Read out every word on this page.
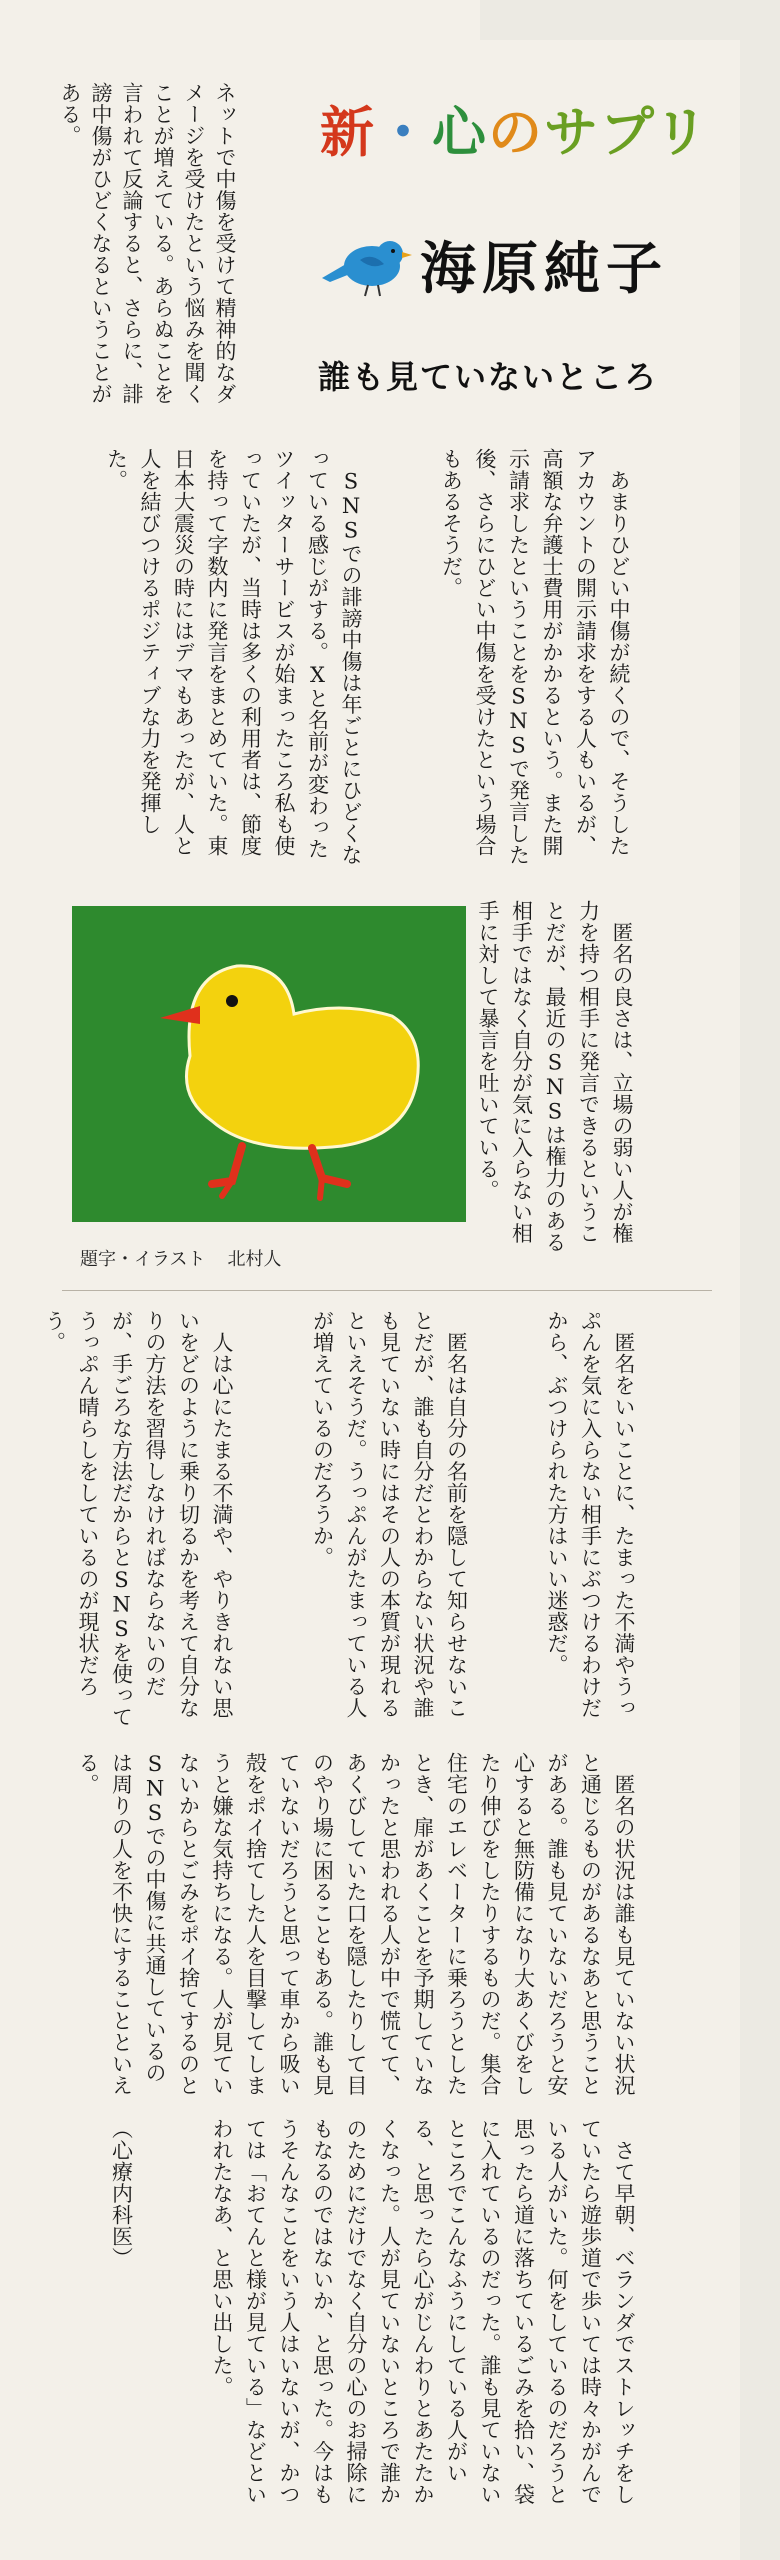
新・心のサプリ
海原純子
誰も見ていないところ

ネットで中傷を受けて精神的なダメージを受けたという悩みを聞くことが増えている。あらぬことを言われて反論すると、さらに、誹謗中傷がひどくなるということがある。

　あまりひどい中傷が続くので、そうしたアカウントの開示請求をする人もいるが、高額な弁護士費用がかかるという。また開示請求したということをSNSで発言した後、さらにひどい中傷を受けたという場合もあるそうだ。

　SNSでの誹謗中傷は年ごとにひどくなっている感じがする。Xと名前が変わったツイッターサービスが始まったころ私も使っていたが、当時は多くの利用者は、節度を持って字数内に発言をまとめていた。東日本大震災の時にはデマもあったが、人と人を結びつけるポジティブな力を発揮した。

　匿名の良さは、立場の弱い人が権力を持つ相手に発言できるということだが、最近のSNSは権力のある相手ではなく自分が気に入らない相手に対して暴言を吐いている。

題字・イラスト 北村人

　匿名をいいことに、たまった不満やうっぷんを気に入らない相手にぶつけるわけだから、ぶつけられた方はいい迷惑だ。

　匿名は自分の名前を隠して知らせないことだが、誰も自分だとわからない状況や誰も見ていない時にはその人の本質が現れるといえそうだ。うっぷんがたまっている人が増えているのだろうか。

　人は心にたまる不満や、やりきれない思いをどのように乗り切るかを考えて自分なりの方法を習得しなければならないのだが、手ごろな方法だからとSNSを使ってうっぷん晴らしをしているのが現状だろう。

　匿名の状況は誰も見ていない状況と通じるものがあるなあと思うことがある。誰も見ていないだろうと安心すると無防備になり大あくびをしたり伸びをしたりするものだ。集合住宅のエレベーターに乗ろうとしたとき、扉があくことを予期していなかったと思われる人が中で慌てて、あくびしていた口を隠したりして目のやり場に困ることもある。誰も見ていないだろうと思って車から吸い殻をポイ捨てした人を目撃してしまうと嫌な気持ちになる。人が見ていないからとごみをポイ捨てするのとSNSでの中傷に共通しているのは周りの人を不快にすることといえる。

　さて早朝、ベランダでストレッチをしていたら遊歩道で歩いては時々かがんでいる人がいた。何をしているのだろうと思ったら道に落ちているごみを拾い、袋に入れているのだった。誰も見ていないところでこんなふうにしている人がいる、と思ったら心がじんわりとあたたかくなった。人が見ていないところで誰かのためにだけでなく自分の心のお掃除にもなるのではないか、と思った。今はもうそんなことをいう人はいないが、かつては「おてんと様が見ている」などといわれたなあ、と思い出した。

（心療内科医）
